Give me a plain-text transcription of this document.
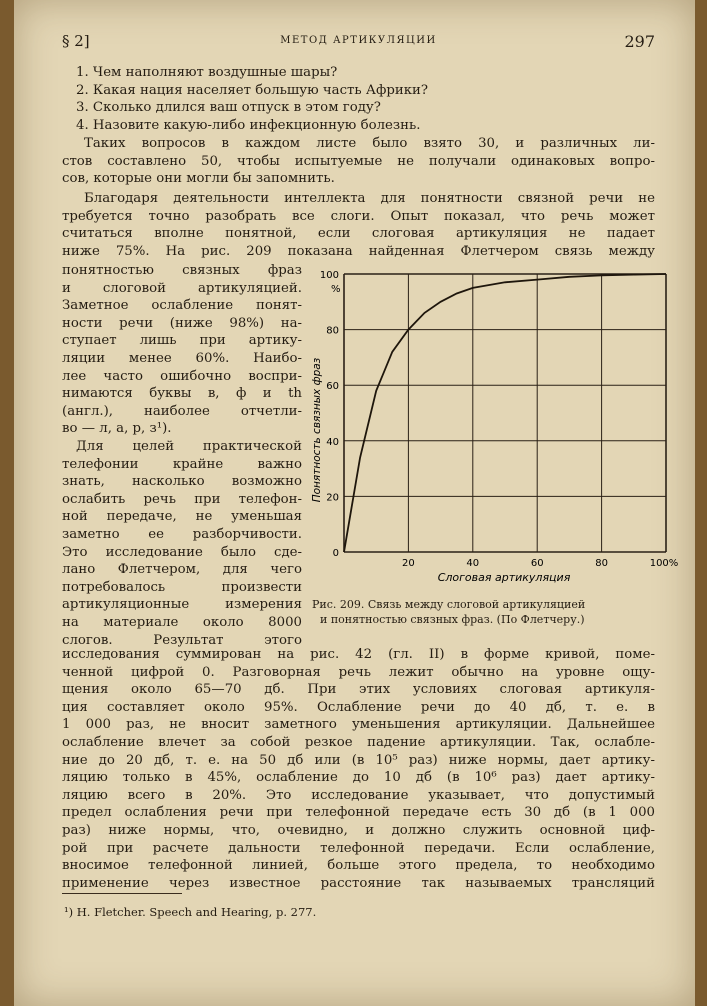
§ 2]	МЕТОД АРТИКУЛЯЦИИ	297
1. Чем наполняют воздушные шары?
2. Какая нация населяет большую часть Африки?
3. Сколько длился ваш отпуск в этом году?
4. Назовите какую-либо инфекционную болезнь.
Таких вопросов в каждом листе было взято 30, и различных ли-
стов составлено 50, чтобы испытуемые не получали одинаковых вопро-
сов, которые они могли бы запомнить.
Благодаря деятельности интеллекта для понятности связной речи не
требуется точно разобрать все слоги. Опыт показал, что речь может
считаться вполне понятной, если слоговая артикуляция не падает
ниже 75%. На рис. 209 показана найденная Флетчером связь между
понятностью связных фраз
и слоговой артикуляцией.
Заметное ослабление понят-
ности речи (ниже 98%) на-
ступает лишь при артику-
ляции менее 60%. Наибо-
лее часто ошибочно воспри-
нимаются буквы в, ф и th
(англ.), наиболее отчетли-
во — л, а, р, з¹).
Для целей практической
телефонии крайне важно
знать, насколько возможно
ослабить речь при телефон-
ной передаче, не уменьшая
заметно ее разборчивости.
Это исследование было сде-
лано Флетчером, для чего
потребовалось произвести
артикуляционные измерения
на материале около 8000
слогов. Результат этого
исследования суммирован на рис. 42 (гл. II) в форме кривой, поме-
ченной цифрой 0. Разговорная речь лежит обычно на уровне ощу-
щения около 65—70 дб. При этих условиях слоговая артикуля-
ция составляет около 95%. Ослабление речи до 40 дб, т. е. в
1 000 раз, не вносит заметного уменьшения артикуляции. Дальнейшее
ослабление влечет за собой резкое падение артикуляции. Так, ослабле-
ние до 20 дб, т. е. на 50 дб или (в 10⁵ раз) ниже нормы, дает артику-
ляцию только в 45%, ослабление до 10 дб (в 10⁶ раз) дает артику-
ляцию всего в 20%. Это исследование указывает, что допустимый
предел ослабления речи при телефонной передаче есть 30 дб (в 1 000
раз) ниже нормы, что, очевидно, и должно служить основной циф-
рой при расчете дальности телефонной передачи. Если ослабление,
вносимое телефонной линией, больше этого предела, то необходимо
применение через известное расстояние так называемых трансляций
0
20
20
40
40
60
60
80
80
100
100%
%
Слоговая артикуляция
Понятность связных фраз
Рис. 209. Связь между слоговой артикуляцией
и понятностью связных фраз. (По Флетчеру.)
¹) H. Fletcher. Speech and Hearing, p. 277.
